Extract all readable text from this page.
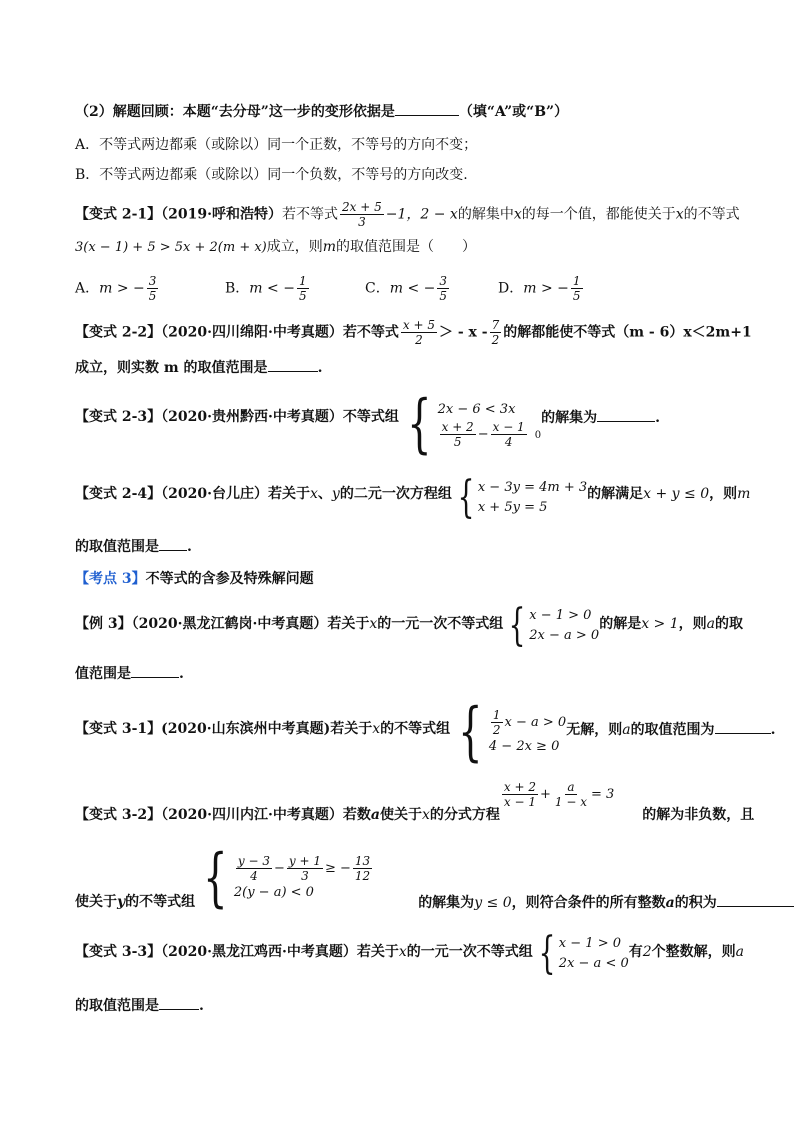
（2）解题回顾：本题“去分母”这一步的变形依据是	（填“A”或“B”）
A．不等式两边都乘（或除以）同一个正数，不等号的方向不变；
B．不等式两边都乘（或除以）同一个负数，不等号的方向改变.
【变式 2-1】（2019·呼和浩特）若不等式 $\frac{2x + 5}{3} -1$，2 − x的解集中x的每一个值，都能使关于x的不等式
3(x − 1) + 5 > 5x + 2(m + x)成立，则m的取值范围是（　　）
A．m > − $\frac{3}{5}$	B．m < − $\frac{1}{5}$	C．m < − $\frac{3}{5}$	D．m > − $\frac{1}{5}$
【变式 2-2】（2020·四川绵阳·中考真题）若不等式 $\frac{x + 5}{2}$ ＞ - x - $\frac{7}{2}$ 的解都能使不等式（m - 6）x＜2m+1
成立，则实数 m 的取值范围是	.
【变式 2-3】（2020·贵州黔西·中考真题）不等式组 { 2x − 6 < 3x
$\frac{x + 2}{5} - \frac{x - 1}{4} 0$
的解集为	.
【变式 2-4】（2020·台儿庄）若关于x、y的二元一次方程组 { x − 3y = 4m + 3
x + 5y = 5
的解满足x + y ≤ 0，则m
的取值范围是 .
【考点 3】不等式的含参及特殊解问题
【例 3】（2020·黑龙江鹤岗·中考真题）若关于x的一元一次不等式组 { x − 1 > 0
2x − a > 0
的解是x > 1，则a的取
值范围是	.
【变式 3-1】(2020·山东滨州中考真题)若关于x的不等式组 { $\frac{1}{2}$ x − a > 0
4 − 2x ≥ 0
无解，则a的取值范围为	.
【变式 3-2】（2020·四川内江·中考真题）若数a使关于x的分式方程
$\frac{x + 2}{x - 1} + \frac{a}{1 - x} = 3$的解为非负数，且
使关于y的不等式组 { $\frac{y - 3}{4} - \frac{y + 1}{3}$ ≥ − $\frac{13}{12}$
2(y − a) < 0
的解集为y ≤ 0，则符合条件的所有整数a的积为
【变式 3-3】（2020·黑龙江鸡西·中考真题）若关于x的一元一次不等式组 { x − 1 > 0
2x − a < 0
有2个整数解，则a
的取值范围是	.
